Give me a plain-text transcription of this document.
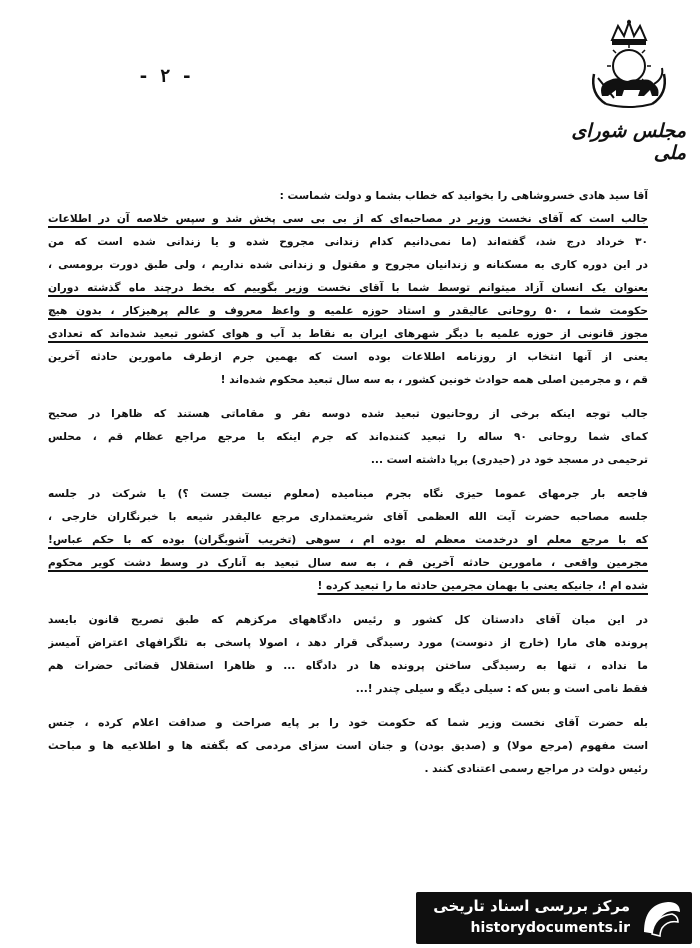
- ۲ -
مجلس شورای ملی
آقا سید هادی خسروشاهی را بخوانید که خطاب بشما و دولت شماست :
جالب است که آقای نخست وزیر در مصاحبه‌ای که از بی بی سی پخش شد و سپس خلاصه آن در اطلاعات
۳۰ خرداد درج شد، گفته‌اند (ما نمی‌دانیم کدام زندانی مجروح شده و یا زندانی شده است که من
در این دوره کاری به مسکنانه و زندانیان مجروح و مقتول و زندانی شده نداریم ، ولی طبق دورت برومسی ،
بعنوان یک انسان آزاد میتوانم توسط شما با آقای نخست وزیر بگوییم که بخط درچند ماه گذشته دوران
حکومت شما ، ۵۰ روحانی عالیقدر و استاد حوزه علمیه و واعظ معروف و عالم پرهیزکار ، بدون هیچ
مجوز قانونی از حوزه علمیه با دیگر شهرهای ایران به نقاط بد آب و هوای کشور تبعید شده‌اند که تعدادی
یعنی از آنها انتخاب از روزنامه اطلاعات بوده است که بهمین جرم ازطرف مامورین حادثه آخرین
قم ، و مجرمین اصلی همه حوادث خونین کشور ، به سه سال تبعید محکوم شده‌اند !
جالب توجه اینکه برخی از روحانیون تبعید شده دوسه نفر و مقاماتی هستند که ظاهرا در صحیح
کمای شما روحانی ۹۰ ساله را تبعید کننده‌اند که جرم اینکه با مرجع مراجع عظام قم ، محلس
ترحیمی در مسجد خود در (حیدری) برپا داشته است ...
فاجعه بار جرمهای عموما حیزی نگاه بجرم مینامیده (معلوم نیست جست ؟) یا شرکت در جلسه
جلسه مصاحبه حضرت آیت الله العظمی آقای شریعتمداری مرجع عالیقدر شیعه با خبرنگاران خارجی ،
که با مرجع معلم او درخدمت معظم له بوده ام ، سوهی (تخریب آشوبگران) بوده که با حکم عباس!
مجرمین واقعی ، مامورین حادثه آخرین قم ، به سه سال تبعید به آنارک در وسط دشت کویر محکوم
شده ام !، جانیکه یعنی با بهمان مجرمین حادثه ما را تبعید کرده !
در این میان آقای دادستان کل کشور و رئیس دادگاههای مرکزهم که طبق تصریح قانون بایسد
پرونده های مارا (خارج از دنوست) مورد رسیدگی قرار دهد ، اصولا پاسخی به تلگرافهای اعتراض آمیسز
ما نداده ، تنها به رسیدگی ساختن پرونده ها در دادگاه ... و ظاهرا استقلال قضائی حضرات هم
فقط نامی است و بس که : سیلی دیگه و سیلی چندر !...
بله حضرت آقای نخست وزیر شما که حکومت خود را بر پایه صراحت و صداقت اعلام کرده ، جنس
است مفهوم (مرجع مولا) و (صدیق بودن) و جنان است سزای مردمی که بگفته ها و اطلاعیه ها و مباحث
رئیس دولت در مراجع رسمی اعتنادی کنند .
مرکز بررسی اسناد تاریخی
historydocuments.ir
